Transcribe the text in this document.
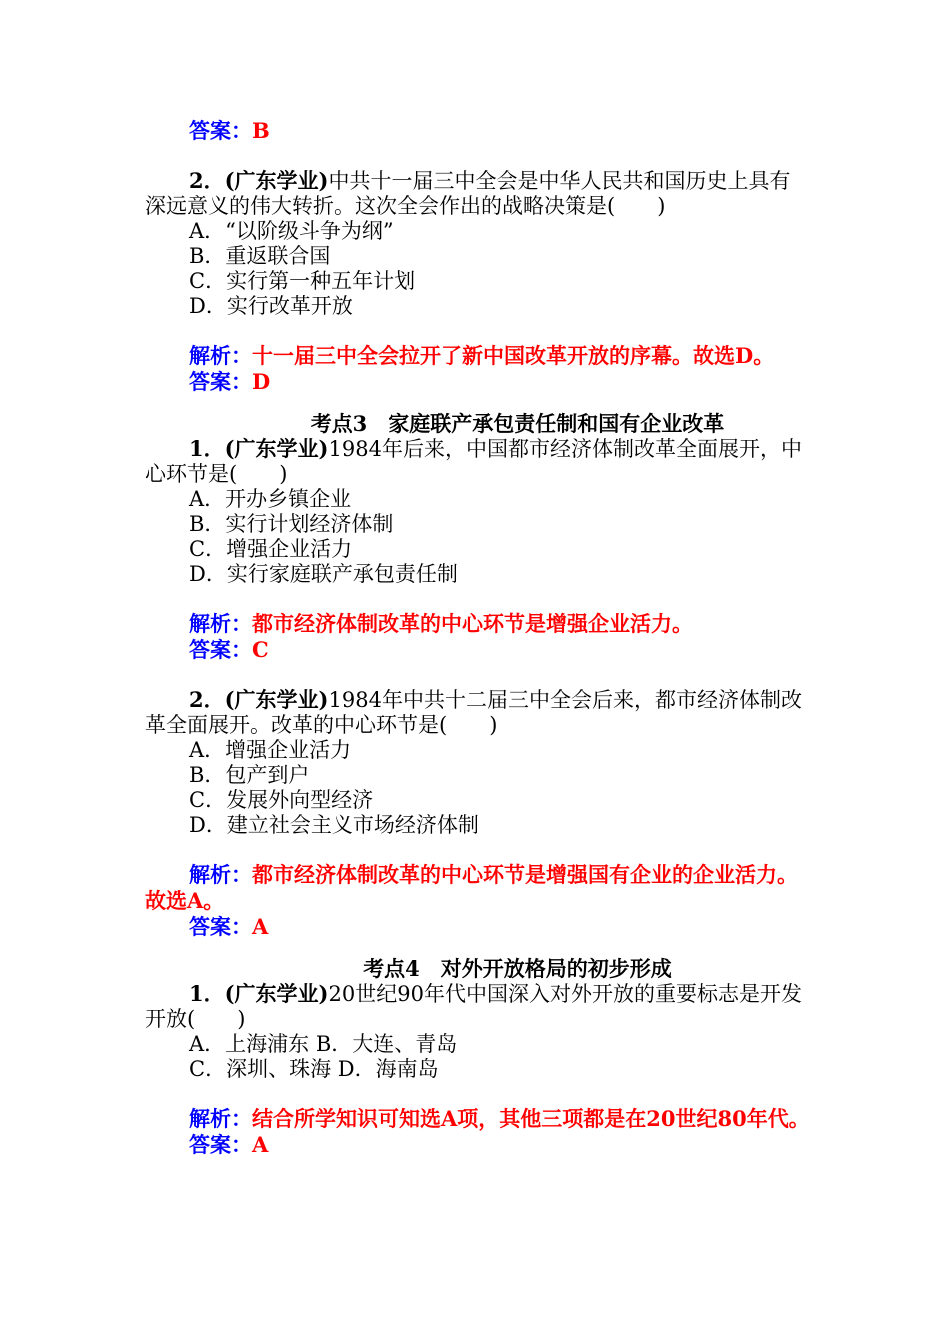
答案：B
2．(广东学业)中共十一届三中全会是中华人民共和国历史上具有深远意义的伟大转折。这次全会作出的战略决策是(　　)
A．“以阶级斗争为纲”
B．重返联合国
C．实行第一种五年计划
D．实行改革开放
解析：十一届三中全会拉开了新中国改革开放的序幕。故选D。
答案：D
考点3　家庭联产承包责任制和国有企业改革
1．(广东学业)1984年后来，中国都市经济体制改革全面展开，中心环节是(　　)
A．开办乡镇企业
B．实行计划经济体制
C．增强企业活力
D．实行家庭联产承包责任制
解析：都市经济体制改革的中心环节是增强企业活力。
答案：C
2．(广东学业)1984年中共十二届三中全会后来，都市经济体制改革全面展开。改革的中心环节是(　　)
A．增强企业活力
B．包产到户
C．发展外向型经济
D．建立社会主义市场经济体制
解析：都市经济体制改革的中心环节是增强国有企业的企业活力。故选A。
答案：A
考点4　对外开放格局的初步形成
1．(广东学业)20世纪90年代中国深入对外开放的重要标志是开发开放(　　)
A．上海浦东 B．大连、青岛
C．深圳、珠海 D．海南岛
解析：结合所学知识可知选A项，其他三项都是在20世纪80年代。
答案：A
